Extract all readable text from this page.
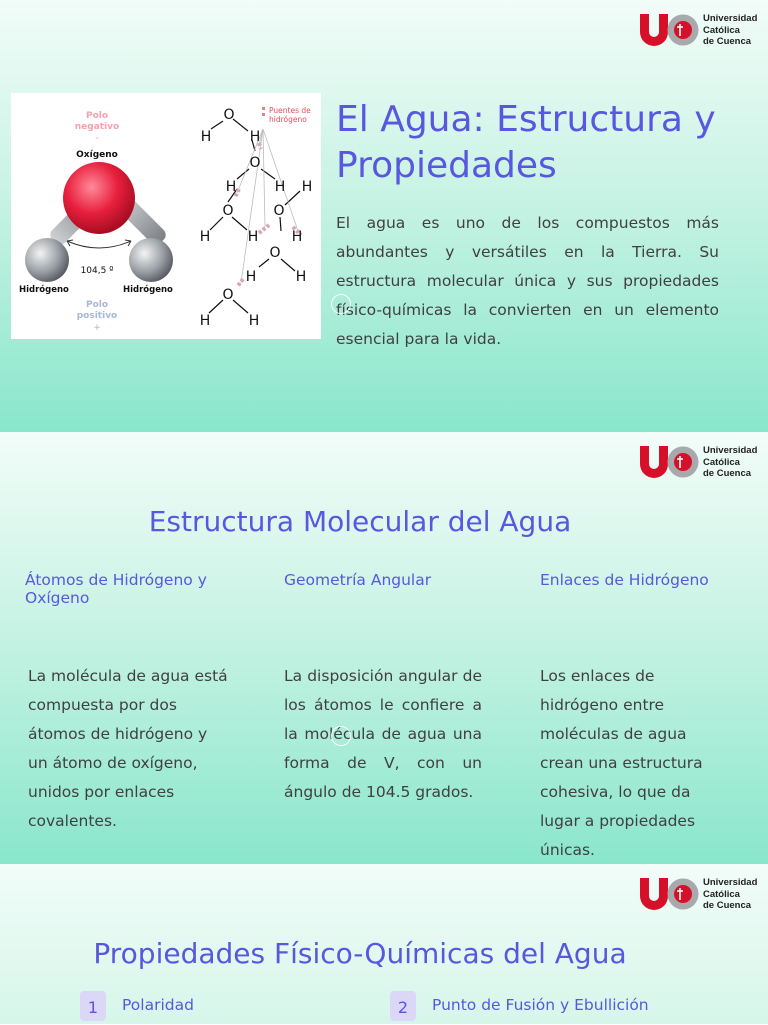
Universidad
Católica
de Cuenca
Polo
negativo
-
Oxígeno
104,5 º
Hidrógeno	Hidrógeno
Polo
positivo
+
Puentes de
hidrógeno
O
H	H
O
H	H H
O	O
H	H H
O
H	H
O
H	H
El Agua: Estructura y Propiedades
El agua es uno de los compuestos más abundantes y versátiles en la Tierra. Su estructura molecular única y sus propiedades físico-químicas la convierten en un elemento esencial para la vida.
Universidad
Católica
de Cuenca
Estructura Molecular del Agua
Átomos de Hidrógeno y Oxígeno
Geometría Angular	Enlaces de Hidrógeno
La molécula de agua está compuesta por dos átomos de hidrógeno y un átomo de oxígeno, unidos por enlaces covalentes.
La disposición angular de los átomos le confiere a la molécula de agua una forma de V, con un ángulo de 104.5 grados.
Los enlaces de hidrógeno entre moléculas de agua crean una estructura cohesiva, lo que da lugar a propiedades únicas.
Universidad
Católica
de Cuenca
Propiedades Físico-Químicas del Agua
1	Polaridad	2	Punto de Fusión y Ebullición
